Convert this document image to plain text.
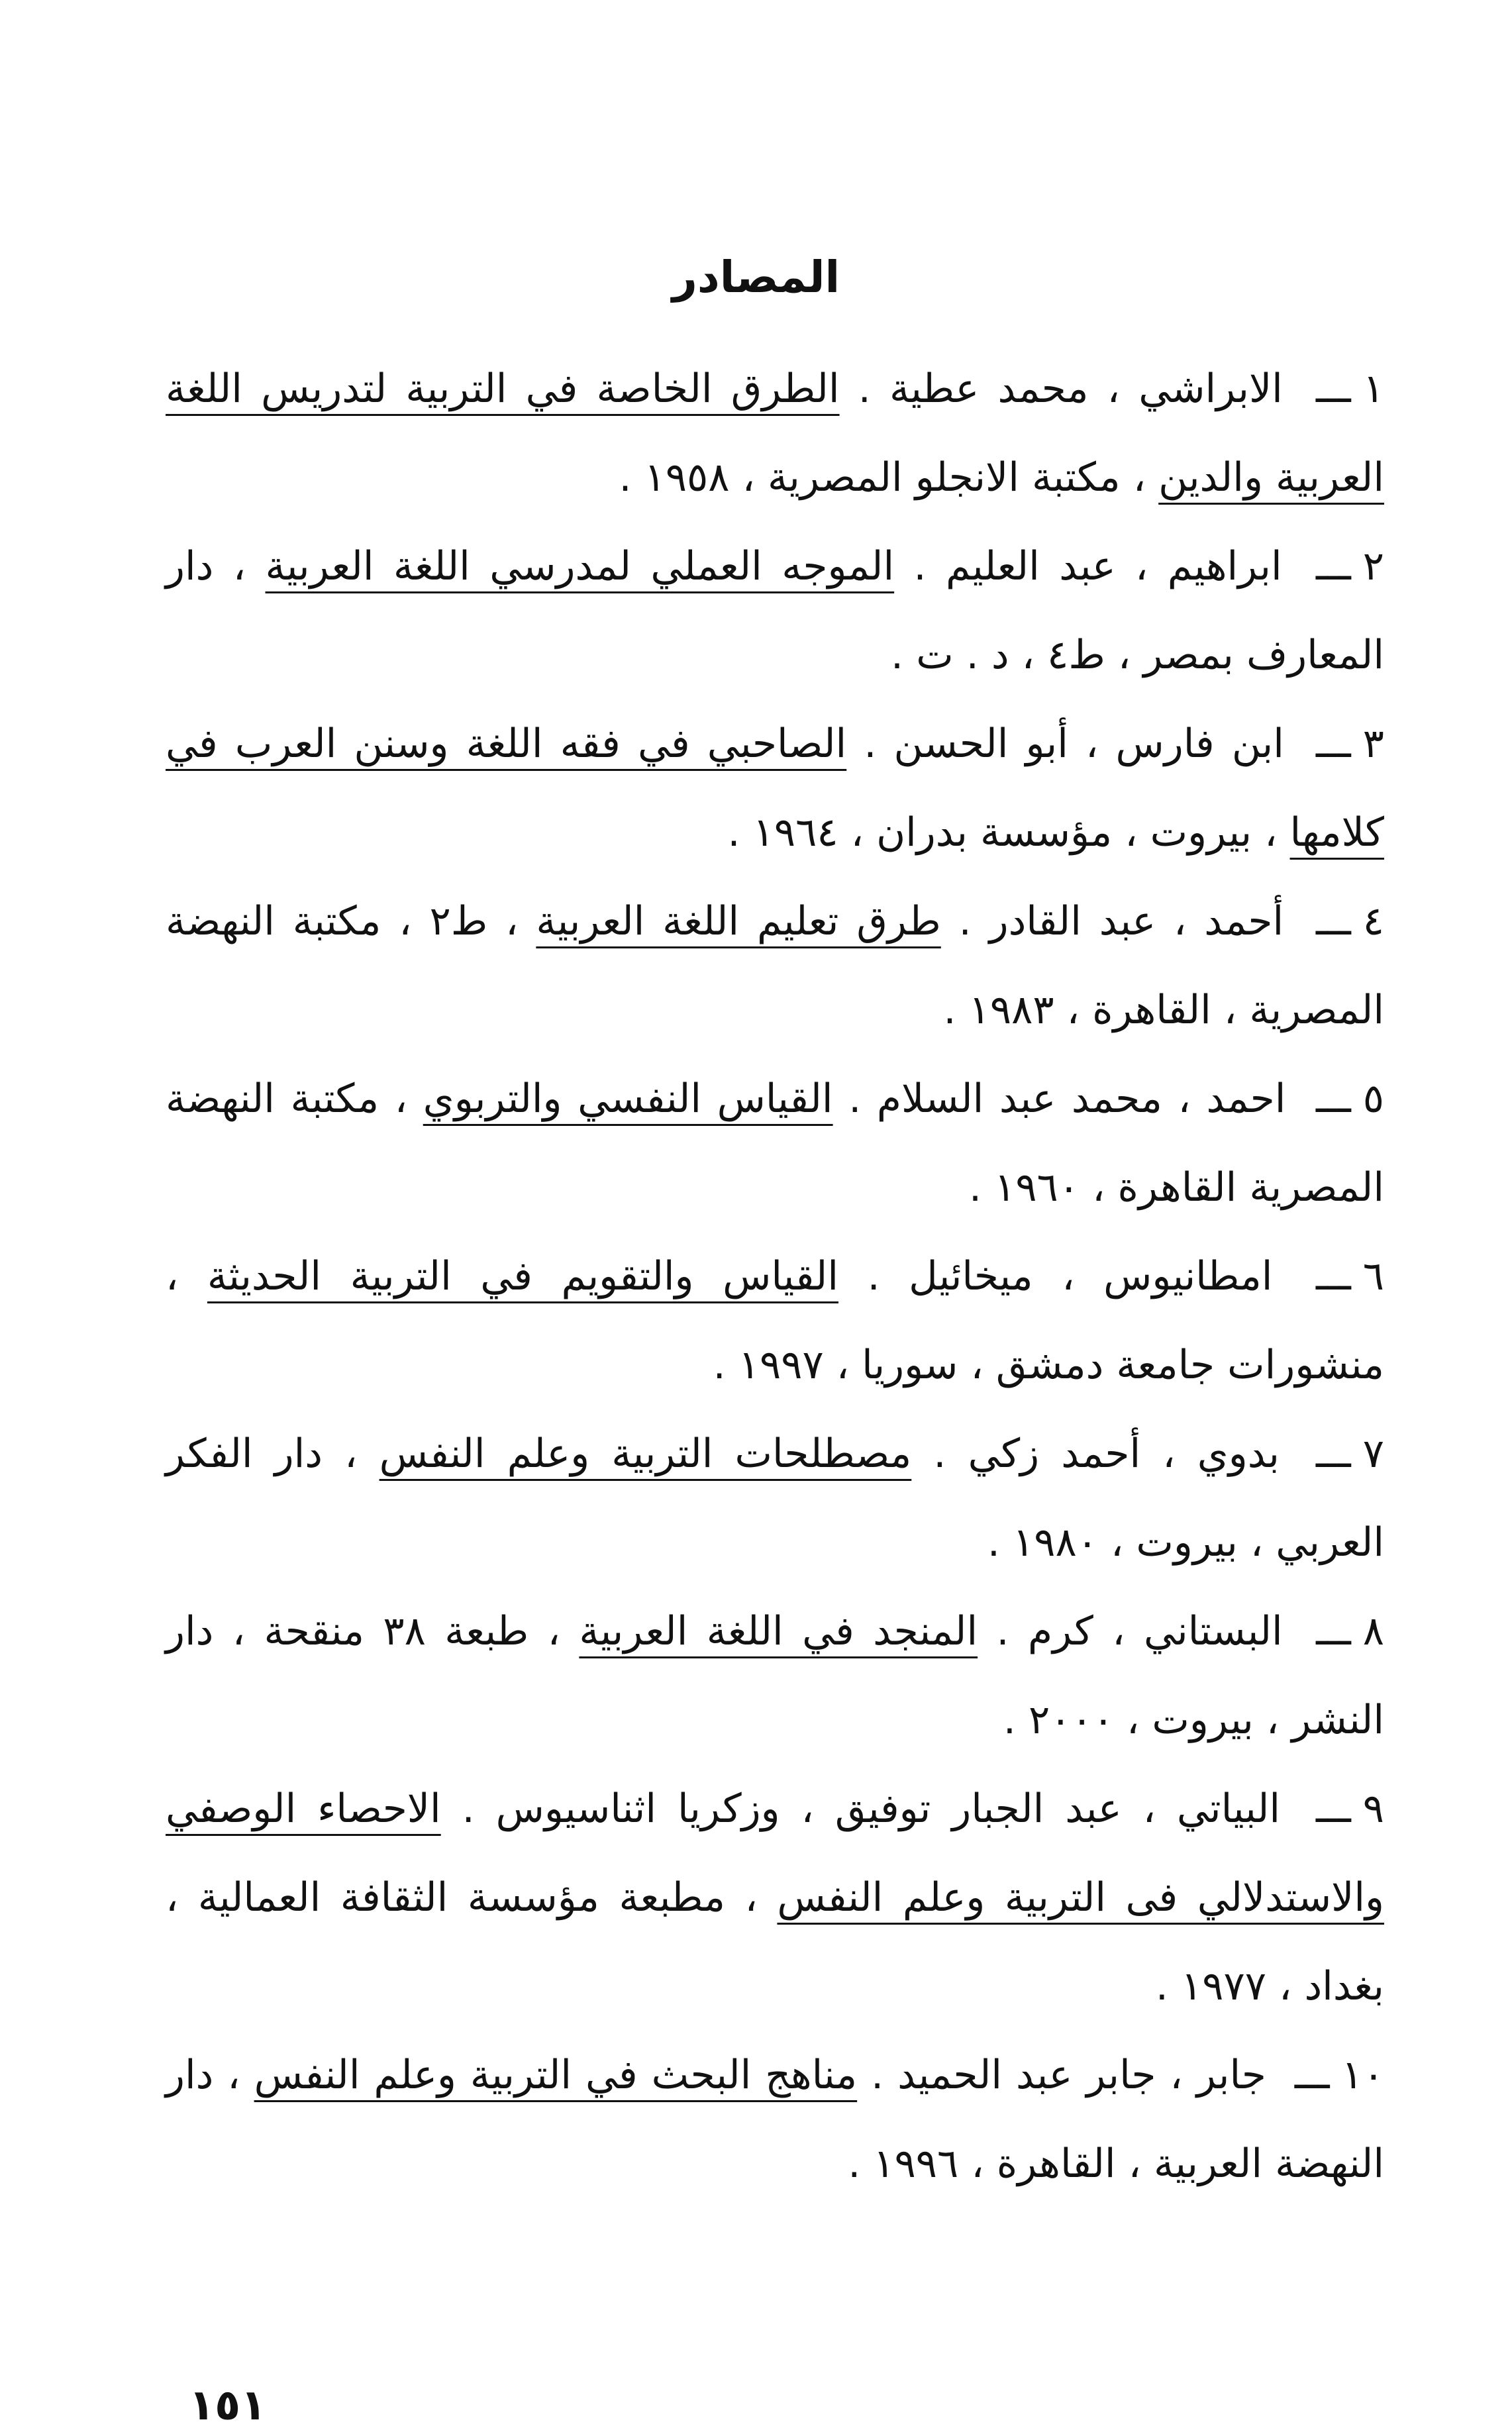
المصادر

١ـــ الابراشي ، محمد عطية . الطرق الخاصة في التربية لتدريس اللغة العربية والدين ، مكتبة الانجلو المصرية ، ١٩٥٨ .

٢ـــ ابراهيم ، عبد العليم . الموجه العملي لمدرسي اللغة العربية ، دار المعارف بمصر ، ط٤ ، د . ت .

٣ـــ ابن فارس ، أبو الحسن . الصاحبي في فقه اللغة وسنن العرب في كلامها ، بيروت ، مؤسسة بدران ، ١٩٦٤ .

٤ـــ أحمد ، عبد القادر . طرق تعليم اللغة العربية ، ط٢ ، مكتبة النهضة المصرية ، القاهرة ، ١٩٨٣ .

٥ـــ احمد ، محمد عبد السلام . القياس النفسي والتربوي ، مكتبة النهضة المصرية القاهرة ، ١٩٦٠ .

٦ـــ امطانيوس ، ميخائيل . القياس والتقويم في التربية الحديثة ، منشورات جامعة دمشق ، سوريا ، ١٩٩٧ .

٧ـــ بدوي ، أحمد زكي . مصطلحات التربية وعلم النفس ، دار الفكر العربي ، بيروت ، ١٩٨٠ .

٨ـــ البستاني ، كرم . المنجد في اللغة العربية ، طبعة ٣٨ منقحة ، دار النشر ، بيروت ، ٢٠٠٠ .

٩ـــ البياتي ، عبد الجبار توفيق ، وزكريا اثناسيوس . الاحصاء الوصفي والاستدلالي فى التربية وعلم النفس ، مطبعة مؤسسة الثقافة العمالية ، بغداد ، ١٩٧٧ .

١٠ـــ جابر ، جابر عبد الحميد . مناهج البحث في التربية وعلم النفس ، دار النهضة العربية ، القاهرة ، ١٩٩٦ .

١٥١
